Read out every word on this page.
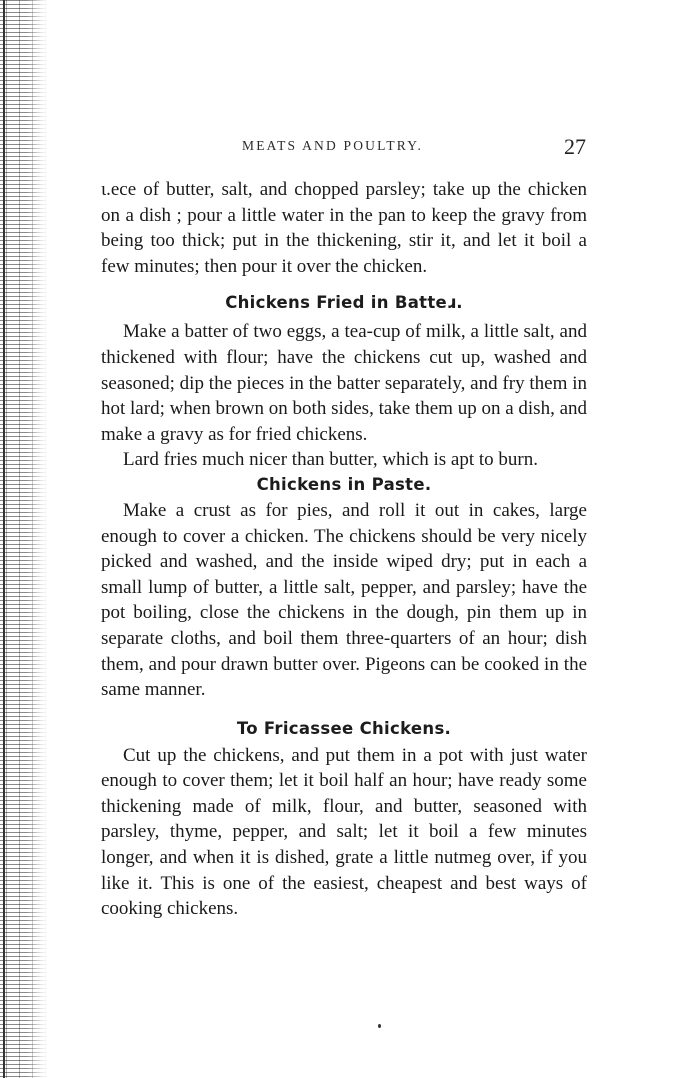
MEATS AND POULTRY.	27

ɩ.ece of butter, salt, and chopped parsley; take up the chicken on a dish ; pour a little water in the pan to keep the gravy from being too thick; put in the thickening, stir it, and let it boil a few minutes; then pour it over the chicken.

Chickens Fried in Batteɹ.

Make a batter of two eggs, a tea-cup of milk, a little salt, and thickened with flour; have the chickens cut up, washed and seasoned; dip the pieces in the batter separately, and fry them in hot lard; when brown on both sides, take them up on a dish, and make a gravy as for fried chickens.

Lard fries much nicer than butter, which is apt to burn.

Chickens in Paste.

Make a crust as for pies, and roll it out in cakes, large enough to cover a chicken. The chickens should be very nicely picked and washed, and the inside wiped dry; put in each a small lump of butter, a little salt, pepper, and parsley; have the pot boiling, close the chickens in the dough, pin them up in separate cloths, and boil them three-quarters of an hour; dish them, and pour drawn butter over. Pigeons can be cooked in the same manner.

To Fricassee Chickens.

Cut up the chickens, and put them in a pot with just water enough to cover them; let it boil half an hour; have ready some thickening made of milk, flour, and butter, seasoned with parsley, thyme, pepper, and salt; let it boil a few minutes longer, and when it is dished, grate a little nutmeg over, if you like it. This is one of the easiest, cheapest and best ways of cooking chickens.
